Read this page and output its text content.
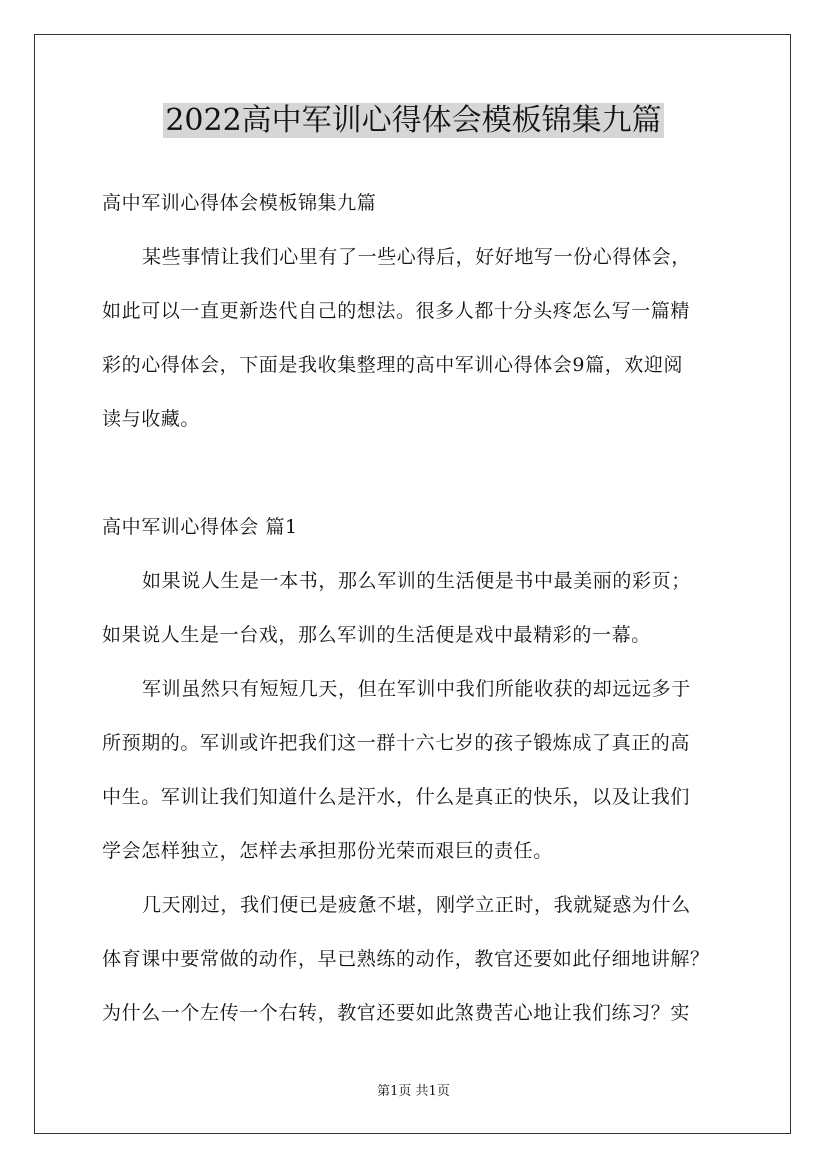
2022高中军训心得体会模板锦集九篇
高中军训心得体会模板锦集九篇
某些事情让我们心里有了一些心得后，好好地写一份心得体会，
如此可以一直更新迭代自己的想法。很多人都十分头疼怎么写一篇精
彩的心得体会，下面是我收集整理的高中军训心得体会9篇，欢迎阅
读与收藏。
高中军训心得体会 篇1
如果说人生是一本书，那么军训的生活便是书中最美丽的彩页；
如果说人生是一台戏，那么军训的生活便是戏中最精彩的一幕。
军训虽然只有短短几天，但在军训中我们所能收获的却远远多于
所预期的。军训或许把我们这一群十六七岁的孩子锻炼成了真正的高
中生。军训让我们知道什么是汗水，什么是真正的快乐，以及让我们
学会怎样独立，怎样去承担那份光荣而艰巨的责任。
几天刚过，我们便已是疲惫不堪，刚学立正时，我就疑惑为什么
体育课中要常做的动作，早已熟练的动作，教官还要如此仔细地讲解？
为什么一个左传一个右转，教官还要如此煞费苦心地让我们练习？实
第1页 共1页
